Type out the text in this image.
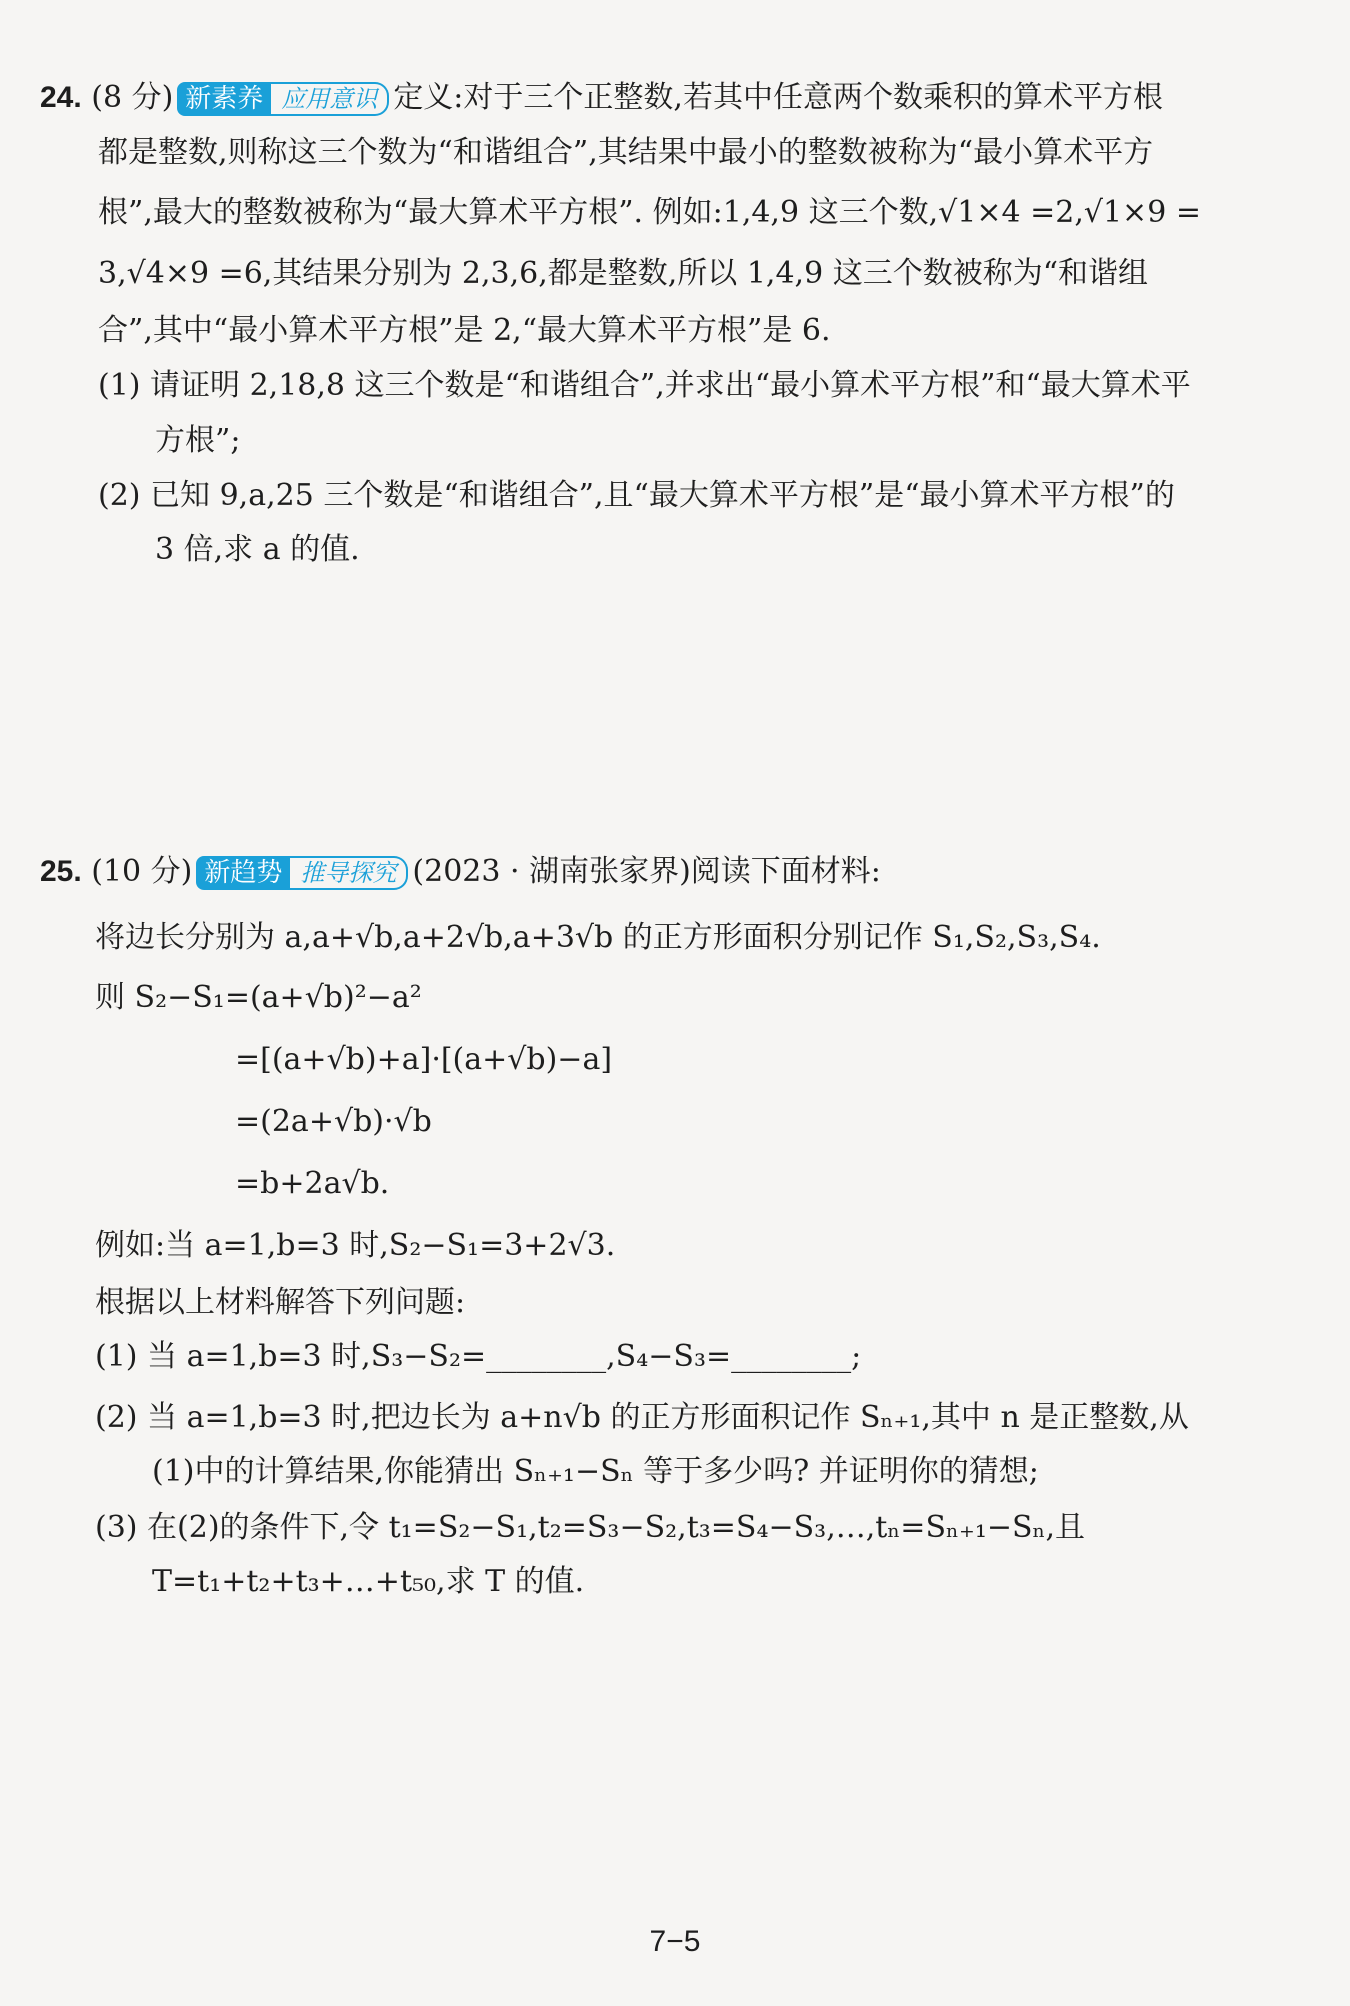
24. (8 分) 新素养 应用意识 定义:对于三个正整数,若其中任意两个数乘积的算术平方根
都是整数,则称这三个数为“和谐组合”,其结果中最小的整数被称为“最小算术平方
根”,最大的整数被称为“最大算术平方根”. 例如:1,4,9 这三个数,√1×4 =2,√1×9 =
3,√4×9 =6,其结果分别为 2,3,6,都是整数,所以 1,4,9 这三个数被称为“和谐组
合”,其中“最小算术平方根”是 2,“最大算术平方根”是 6.
(1) 请证明 2,18,8 这三个数是“和谐组合”,并求出“最小算术平方根”和“最大算术平
方根”;
(2) 已知 9,a,25 三个数是“和谐组合”,且“最大算术平方根”是“最小算术平方根”的
3 倍,求 a 的值.
25. (10 分) 新趋势 推导探究 (2023 · 湖南张家界)阅读下面材料:
将边长分别为 a,a+√b,a+2√b,a+3√b 的正方形面积分别记作 S₁,S₂,S₃,S₄.
则 S₂−S₁=(a+√b)²−a²
=[(a+√b)+a]·[(a+√b)−a]
=(2a+√b)·√b
=b+2a√b.
例如:当 a=1,b=3 时,S₂−S₁=3+2√3.
根据以上材料解答下列问题:
(1) 当 a=1,b=3 时,S₃−S₂=________,S₄−S₃=________;
(2) 当 a=1,b=3 时,把边长为 a+n√b 的正方形面积记作 Sₙ₊₁,其中 n 是正整数,从
(1)中的计算结果,你能猜出 Sₙ₊₁−Sₙ 等于多少吗? 并证明你的猜想;
(3) 在(2)的条件下,令 t₁=S₂−S₁,t₂=S₃−S₂,t₃=S₄−S₃,…,tₙ=Sₙ₊₁−Sₙ,且
T=t₁+t₂+t₃+…+t₅₀,求 T 的值.
7−5
